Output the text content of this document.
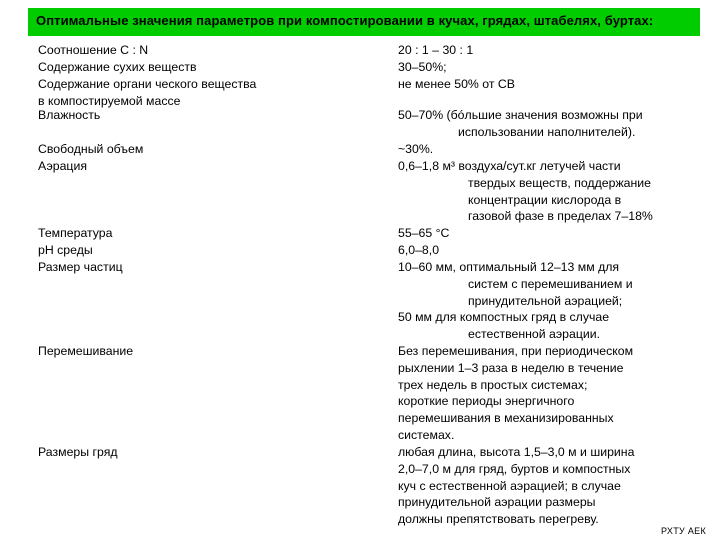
Оптимальные значения параметров при компостировании в кучах, грядах, штабелях, буртах:
Соотношение C : N
Содержание сухих веществ
Содержание органи ческого вещества
в компостируемой массе
Влажность
Свободный объем
Аэрация
Температура
pH среды
Размер частиц
Перемешивание
Размеры гряд
20 : 1 – 30 : 1
30–50%;
не менее 50% от СВ
50–70% (бóльшие значения возможны при
использовании наполнителей).
~30%.
0,6–1,8 м³ воздуха/сут.кг летучей части
твердых веществ, поддержание
концентрации кислорода в
газовой фазе в пределах 7–18%
55–65 °C
6,0–8,0
10–60 мм, оптимальный 12–13 мм для
систем с перемешиванием и
принудительной аэрацией;
50 мм для компостных гряд в случае
естественной аэрации.
Без перемешивания, при периодическом
рыхлении 1–3 раза в неделю в течение
трех недель в простых системах;
короткие периоды энергичного
перемешивания в механизированных
системах.
любая длина, высота 1,5–3,0 м и ширина
2,0–7,0 м для гряд, буртов и компостных
куч с естественной аэрацией; в случае
принудительной аэрации размеры
должны препятствовать перегреву.
РХТУ АЕК
